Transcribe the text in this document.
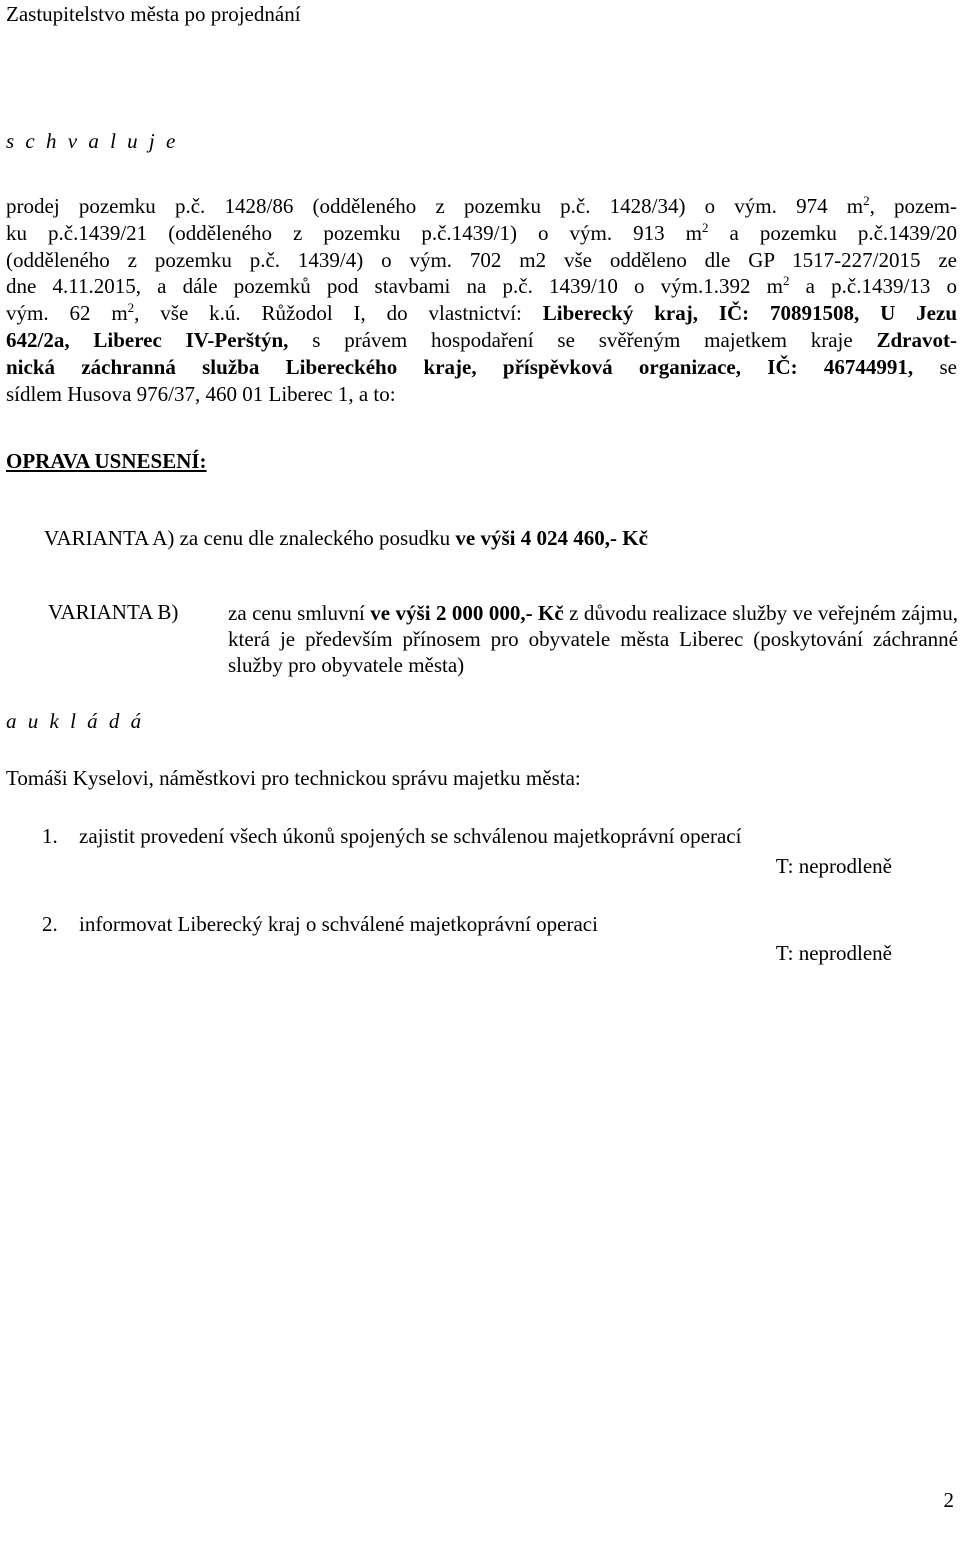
Zastupitelstvo města po projednání
s c h v a l u j e
prodej pozemku p.č. 1428/86 (odděleného z pozemku p.č. 1428/34) o vým. 974 $m^2$, pozem-
ku p.č.1439/21 (odděleného z pozemku p.č.1439/1) o vým. 913 $m^2$ a pozemku p.č.1439/20
(odděleného z pozemku p.č. 1439/4) o vým. 702 m2 vše odděleno dle GP 1517-227/2015 ze
dne 4.11.2015, a dále pozemků pod stavbami na p.č. 1439/10 o vým.1.392 $m^2$ a p.č.1439/13 o
vým. 62 $m^2$, vše k.ú. Růžodol I, do vlastnictví: Liberecký kraj, IČ: 70891508, U Jezu
642/2a, Liberec IV-Perštýn, s právem hospodaření se svěřeným majetkem kraje Zdravot-
nická záchranná služba Libereckého kraje, příspěvková organizace, IČ: 46744991, se
sídlem Husova 976/37, 460 01 Liberec 1, a to:
OPRAVA USNESENÍ:
VARIANTA A) za cenu dle znaleckého posudku ve výši 4 024 460,- Kč
VARIANTA B) za cenu smluvní ve výši 2 000 000,- Kč z důvodu realizace služby ve veřejném zájmu, která je především přínosem pro obyvatele města Liberec (poskytování záchranné služby pro obyvatele města)
a u k l á d á
Tomáši Kyselovi, náměstkovi pro technickou správu majetku města:
1. zajistit provedení všech úkonů spojených se schválenou majetkoprávní operací
T: neprodleně
2. informovat Liberecký kraj o schválené majetkoprávní operaci
T: neprodleně
2
